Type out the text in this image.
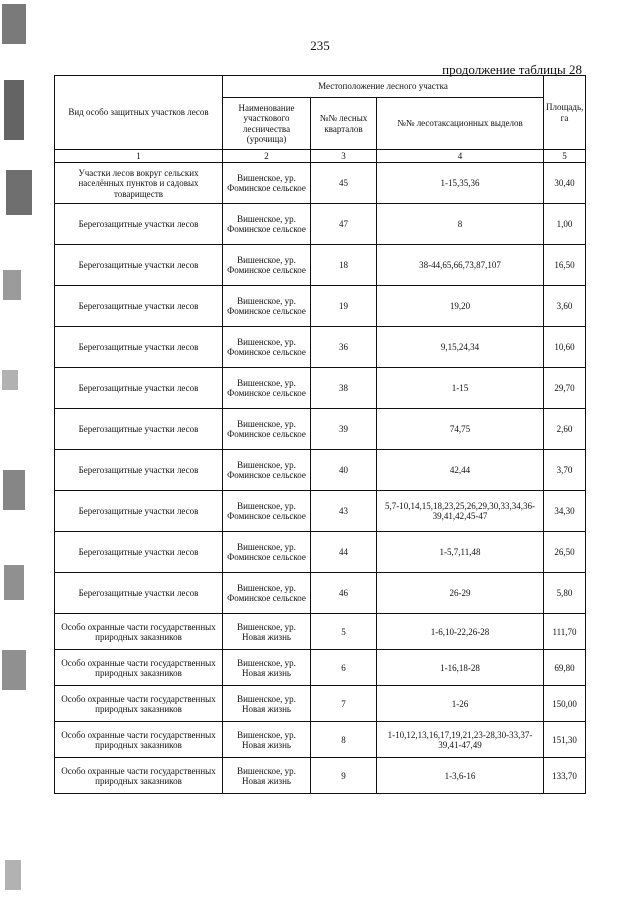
235
продолжение таблицы 28
Вид особо защитных участков лесов	Местоположение лесного участка			Площадь, га
	Наименование участкового лесничества (урочища)	№№ лесных кварталов	№№ лесотаксационных выделов	
1	2	3	4	5
Участки лесов вокруг сельских населённых пунктов и садовых товариществ	Вишенское, ур. Фоминское сельское	45	1-15,35,36	30,40
Берегозащитные участки лесов	Вишенское, ур. Фоминское сельское	47	8	1,00
Берегозащитные участки лесов	Вишенское, ур. Фоминское сельское	18	38-44,65,66,73,87,107	16,50
Берегозащитные участки лесов	Вишенское, ур. Фоминское сельское	19	19,20	3,60
Берегозащитные участки лесов	Вишенское, ур. Фоминское сельское	36	9,15,24,34	10,60
Берегозащитные участки лесов	Вишенское, ур. Фоминское сельское	38	1-15	29,70
Берегозащитные участки лесов	Вишенское, ур. Фоминское сельское	39	74,75	2,60
Берегозащитные участки лесов	Вишенское, ур. Фоминское сельское	40	42,44	3,70
Берегозащитные участки лесов	Вишенское, ур. Фоминское сельское	43	5,7-10,14,15,18,23,25,26,29,30,33,34,36-39,41,42,45-47	34,30
Берегозащитные участки лесов	Вишенское, ур. Фоминское сельское	44	1-5,7,11,48	26,50
Берегозащитные участки лесов	Вишенское, ур. Фоминское сельское	46	26-29	5,80
Особо охранные части государственных природных заказников	Вишенское, ур. Новая жизнь	5	1-6,10-22,26-28	111,70
Особо охранные части государственных природных заказников	Вишенское, ур. Новая жизнь	6	1-16,18-28	69,80
Особо охранные части государственных природных заказников	Вишенское, ур. Новая жизнь	7	1-26	150,00
Особо охранные части государственных природных заказников	Вишенское, ур. Новая жизнь	8	1-10,12,13,16,17,19,21,23-28,30-33,37-39,41-47,49	151,30
Особо охранные части государственных природных заказников	Вишенское, ур. Новая жизнь	9	1-3,6-16	133,70
